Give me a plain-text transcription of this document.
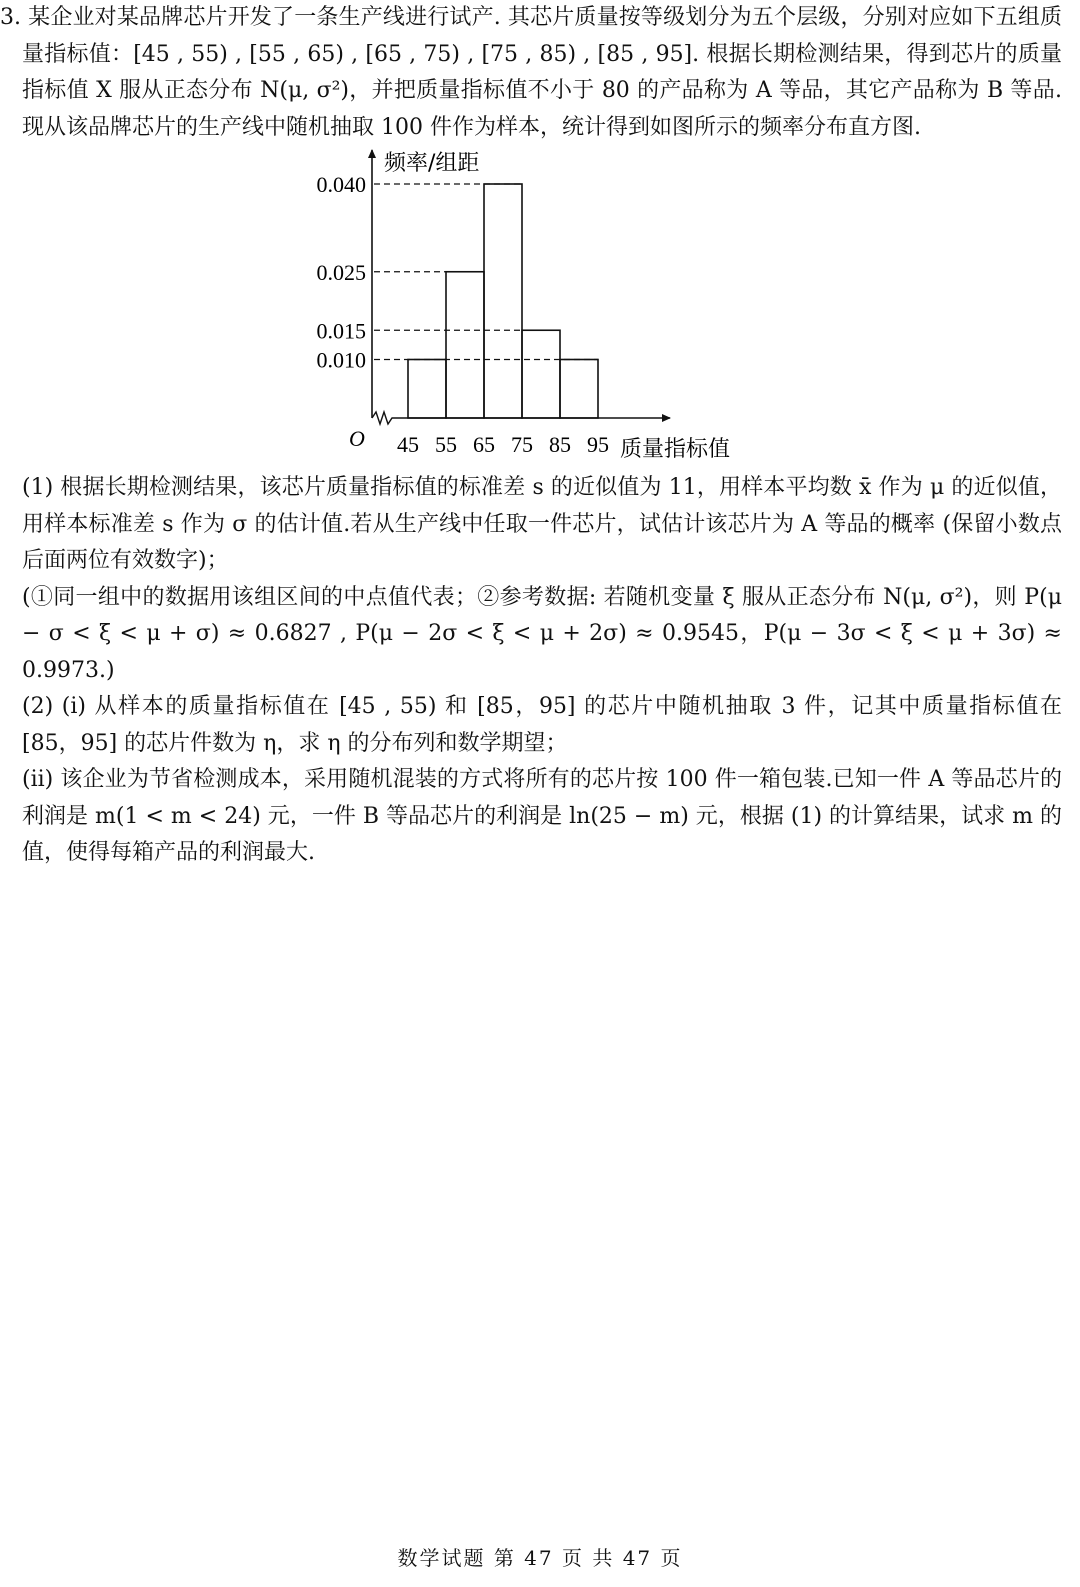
3. 某企业对某品牌芯片开发了一条生产线进行试产. 其芯片质量按等级划分为五个层级，分别对应如下五组质量指标值：[45 , 55) , [55 , 65) , [65 , 75) , [75 , 85) , [85 , 95]. 根据长期检测结果，得到芯片的质量指标值 X 服从正态分布 N(μ, σ²)，并把质量指标值不小于 80 的产品称为 A 等品，其它产品称为 B 等品.现从该品牌芯片的生产线中随机抽取 100 件作为样本，统计得到如图所示的频率分布直方图.

O
频率/组距
质量指标值
0.040
0.025
0.015
0.010
45 55 65 75 85 95

(1) 根据长期检测结果，该芯片质量指标值的标准差 s 的近似值为 11，用样本平均数 x̄ 作为 μ 的近似值，用样本标准差 s 作为 σ 的估计值.若从生产线中任取一件芯片，试估计该芯片为 A 等品的概率 (保留小数点后面两位有效数字)；

(①同一组中的数据用该组区间的中点值代表；②参考数据: 若随机变量 ξ 服从正态分布 N(μ, σ²)，则 P(μ − σ < ξ < μ + σ) ≈ 0.6827 , P(μ − 2σ < ξ < μ + 2σ) ≈ 0.9545，P(μ − 3σ < ξ < μ + 3σ) ≈ 0.9973.)

(2) (i) 从样本的质量指标值在 [45 , 55) 和 [85，95] 的芯片中随机抽取 3 件，记其中质量指标值在 [85，95] 的芯片件数为 η，求 η 的分布列和数学期望；

(ii) 该企业为节省检测成本，采用随机混装的方式将所有的芯片按 100 件一箱包装.已知一件 A 等品芯片的利润是 m(1 < m < 24) 元，一件 B 等品芯片的利润是 ln(25 − m) 元，根据 (1) 的计算结果，试求 m 的值，使得每箱产品的利润最大.

数学试题 第 47 页 共 47 页
